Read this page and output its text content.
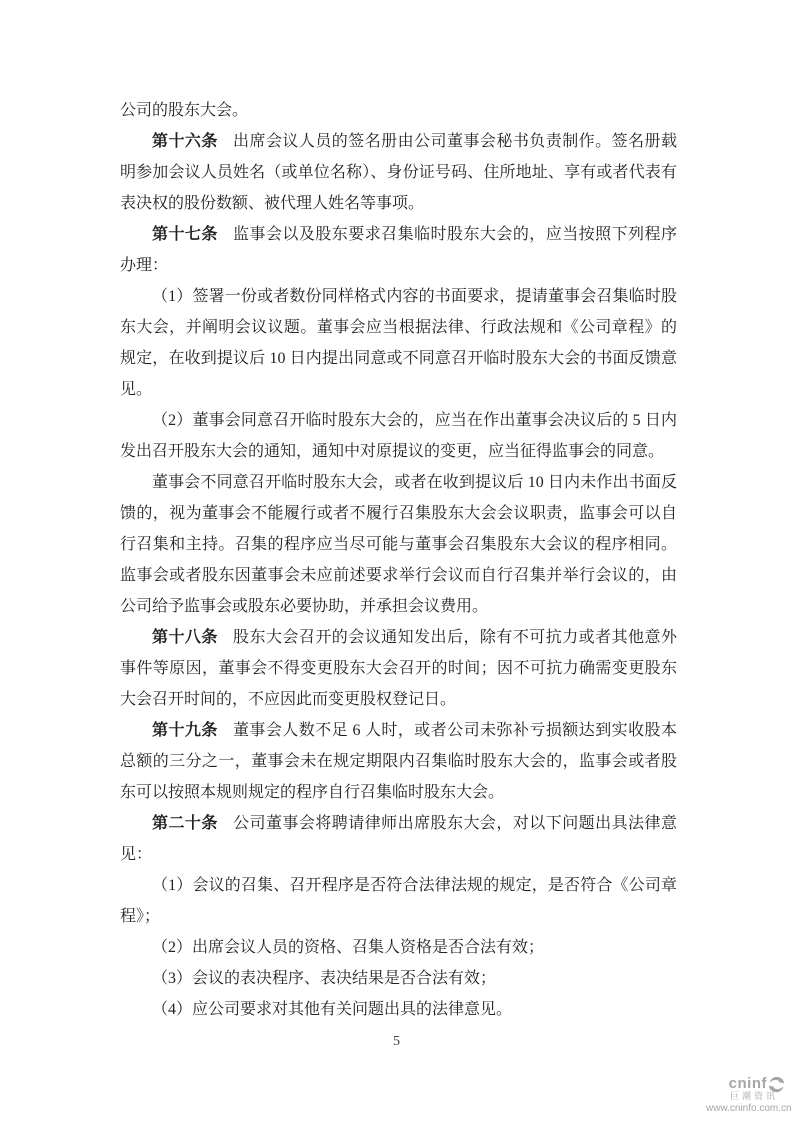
公司的股东大会。

第十六条 出席会议人员的签名册由公司董事会秘书负责制作。签名册载明参加会议人员姓名（或单位名称）、身份证号码、住所地址、享有或者代表有表决权的股份数额、被代理人姓名等事项。

第十七条 监事会以及股东要求召集临时股东大会的，应当按照下列程序办理：

（1）签署一份或者数份同样格式内容的书面要求，提请董事会召集临时股东大会，并阐明会议议题。董事会应当根据法律、行政法规和《公司章程》的规定，在收到提议后 10 日内提出同意或不同意召开临时股东大会的书面反馈意见。

（2）董事会同意召开临时股东大会的，应当在作出董事会决议后的 5 日内发出召开股东大会的通知，通知中对原提议的变更，应当征得监事会的同意。

董事会不同意召开临时股东大会，或者在收到提议后 10 日内未作出书面反馈的，视为董事会不能履行或者不履行召集股东大会会议职责，监事会可以自行召集和主持。召集的程序应当尽可能与董事会召集股东大会议的程序相同。监事会或者股东因董事会未应前述要求举行会议而自行召集并举行会议的，由公司给予监事会或股东必要协助，并承担会议费用。

第十八条 股东大会召开的会议通知发出后，除有不可抗力或者其他意外事件等原因，董事会不得变更股东大会召开的时间；因不可抗力确需变更股东大会召开时间的，不应因此而变更股权登记日。

第十九条 董事会人数不足 6 人时，或者公司未弥补亏损额达到实收股本总额的三分之一，董事会未在规定期限内召集临时股东大会的，监事会或者股东可以按照本规则规定的程序自行召集临时股东大会。

第二十条 公司董事会将聘请律师出席股东大会，对以下问题出具法律意见：

（1）会议的召集、召开程序是否符合法律法规的规定，是否符合《公司章程》；

（2）出席会议人员的资格、召集人资格是否合法有效；

（3）会议的表决程序、表决结果是否合法有效；

（4）应公司要求对其他有关问题出具的法律意见。

5
cninf
巨潮资讯
www.cninfo.com.cn
